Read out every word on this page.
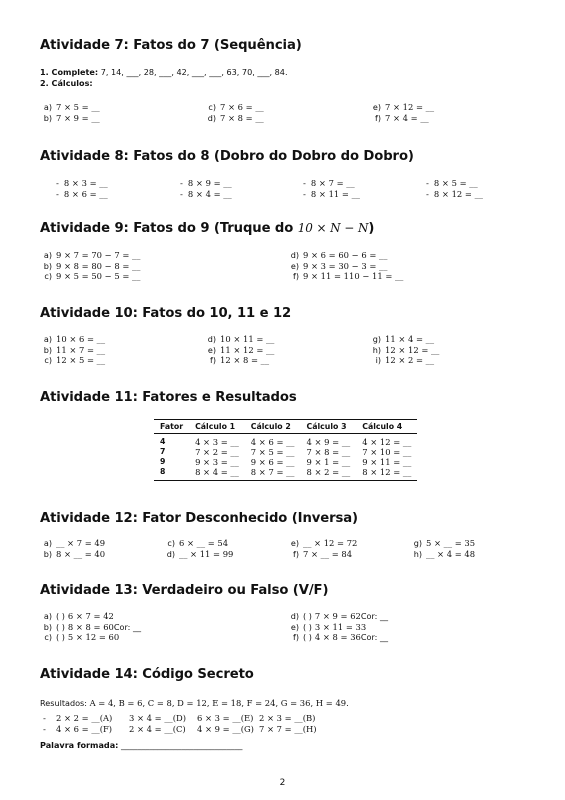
Atividade 7: Fatos do 7 (Sequência)
1. Complete: 7, 14, ___, 28, ___, 42, ___, ___, 63, 70, ___, 84.
2. Cálculos:
a) 7 × 5 = __	c) 7 × 6 = __	e) 7 × 12 = __
b) 7 × 9 = __	d) 7 × 8 = __	f) 7 × 4 = __
Atividade 8: Fatos do 8 (Dobro do Dobro do Dobro)
- 8 × 3 = __	- 8 × 9 = __	- 8 × 7 = __	- 8 × 5 = __
- 8 × 6 = __	- 8 × 4 = __	- 8 × 11 = __	- 8 × 12 = __
Atividade 9: Fatos do 9 (Truque do 10 × N − N)
a) 9 × 7 = 70 − 7 = __	d) 9 × 6 = 60 − 6 = __
b) 9 × 8 = 80 − 8 = __	e) 9 × 3 = 30 − 3 = __
c) 9 × 5 = 50 − 5 = __	f) 9 × 11 = 110 − 11 = __
Atividade 10: Fatos do 10, 11 e 12
a) 10 × 6 = __	d) 10 × 11 = __	g) 11 × 4 = __
b) 11 × 7 = __	e) 11 × 12 = __	h) 12 × 12 = __
c) 12 × 5 = __	f) 12 × 8 = __	i) 12 × 2 = __
Atividade 11: Fatores e Resultados
Fator	Cálculo 1	Cálculo 2	Cálculo 3	Cálculo 4
4	4 × 3 = __	4 × 6 = __	4 × 9 = __	4 × 12 = __
7	7 × 2 = __	7 × 5 = __	7 × 8 = __	7 × 10 = __
9	9 × 3 = __	9 × 6 = __	9 × 1 = __	9 × 11 = __
8	8 × 4 = __	8 × 7 = __	8 × 2 = __	8 × 12 = __
Atividade 12: Fator Desconhecido (Inversa)
a) __ × 7 = 49	c) 6 × __ = 54	e) __ × 12 = 72	g) 5 × __ = 35
b) 8 × __ = 40	d) __ × 11 = 99	f) 7 × __ = 84	h) __ × 4 = 48
Atividade 13: Verdadeiro ou Falso (V/F)
a) ( ) 6 × 7 = 42	d) ( ) 7 × 9 = 62 Cor: __
b) ( ) 8 × 8 = 60 Cor: __	e) ( ) 3 × 11 = 33
c) ( ) 5 × 12 = 60	f) ( ) 4 × 8 = 36 Cor: __
Atividade 14: Código Secreto
Resultados: A = 4, B = 6, C = 8, D = 12, E = 18, F = 24, G = 36, H = 49.
- 2 × 2 = __(A) 3 × 4 = __(D) 6 × 3 = __(E) 2 × 3 = __(B)
- 4 × 6 = __(F) 2 × 4 = __(C) 4 × 9 = __(G) 7 × 7 = __(H)
Palavra formada: ______________________________
2
